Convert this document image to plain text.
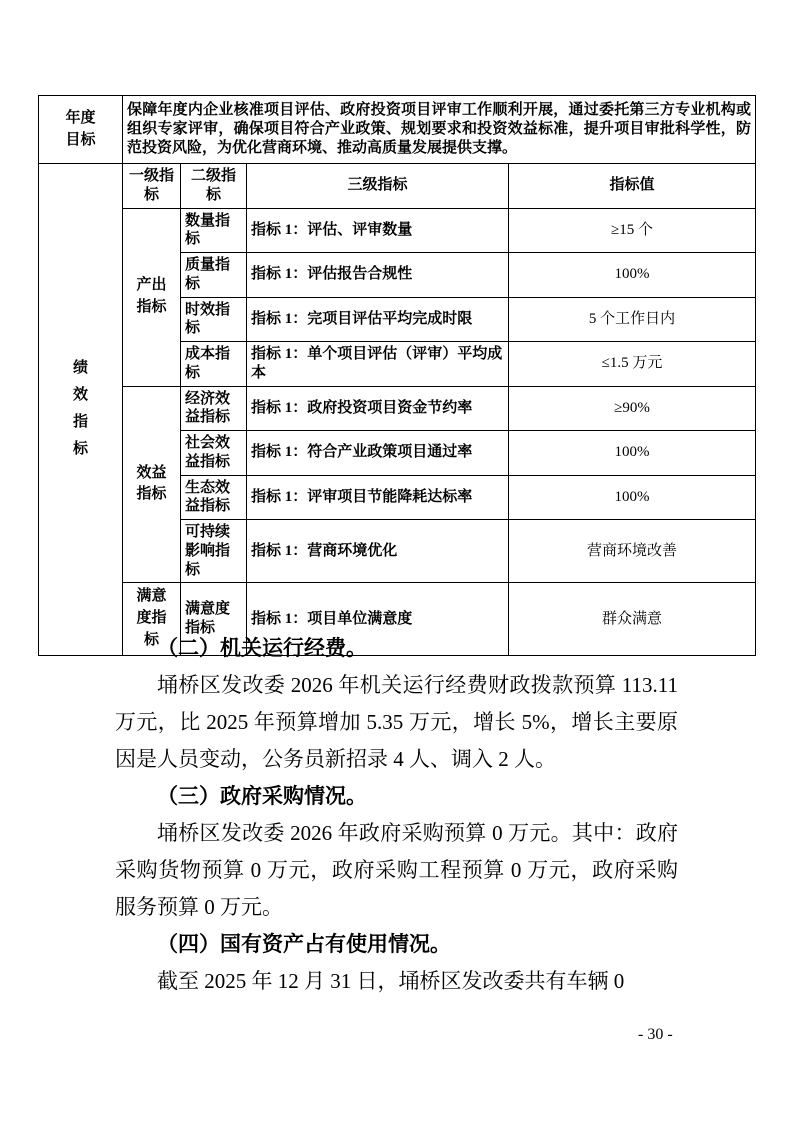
年度目标	保障年度内企业核准项目评估、政府投资项目评审工作顺利开展，通过委托第三方专业机构或组织专家评审，确保项目符合产业政策、规划要求和投资效益标准，提升项目审批科学性，防范投资风险，为优化营商环境、推动高质量发展提供支撑。			
绩效指标	一级指标	二级指标	三级指标	指标值
	产出指标	数量指标	指标 1：评估、评审数量	≥15 个
		质量指标	指标 1：评估报告合规性	100%
		时效指标	指标 1：完项目评估平均完成时限	5 个工作日内
		成本指标	指标 1：单个项目评估（评审）平均成本	≤1.5 万元
	效益指标	经济效益指标	指标 1：政府投资项目资金节约率	≥90%
		社会效益指标	指标 1：符合产业政策项目通过率	100%
		生态效益指标	指标 1：评审项目节能降耗达标率	100%
		可持续影响指标	指标 1：营商环境优化	营商环境改善
	满意度指标	满意度指标	指标 1：项目单位满意度	群众满意
（二）机关运行经费。

埇桥区发改委 2026 年机关运行经费财政拨款预算 113.11 万元，比 2025 年预算增加 5.35 万元，增长 5%，增长主要原因是人员变动，公务员新招录 4 人、调入 2 人。

（三）政府采购情况。

埇桥区发改委 2026 年政府采购预算 0 万元。其中：政府采购货物预算 0 万元，政府采购工程预算 0 万元，政府采购服务预算 0 万元。

（四）国有资产占有使用情况。

截至 2025 年 12 月 31 日，埇桥区发改委共有车辆 0

- 30 -
